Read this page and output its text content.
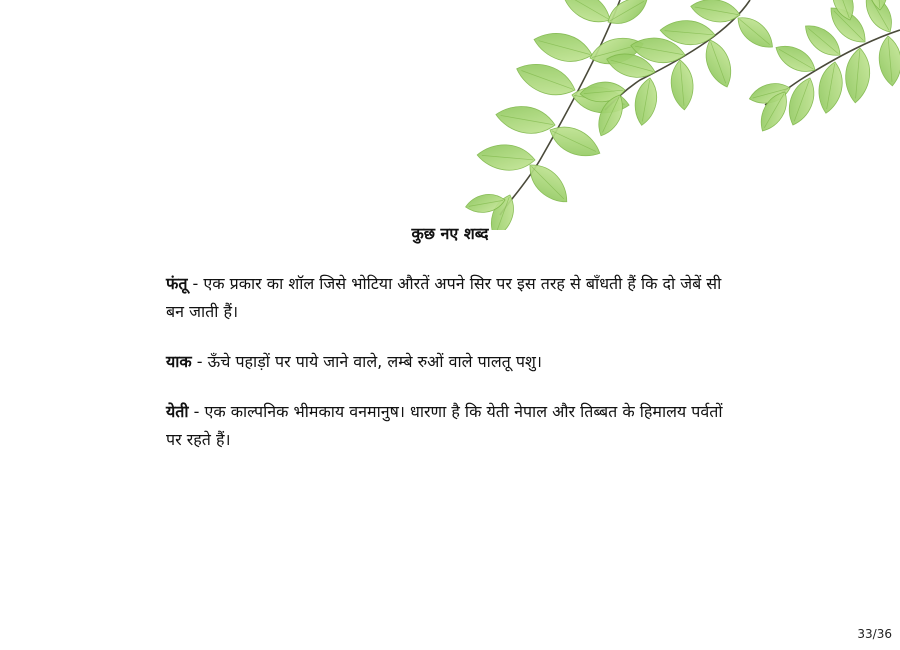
कुछ नए शब्द

फंतू - एक प्रकार का शॉल जिसे भोटिया औरतें अपने सिर पर इस तरह से बाँधती हैं कि दो जेबें सी बन जाती हैं।

याक - ऊँचे पहाड़ों पर पाये जाने वाले, लम्बे रुओं वाले पालतू पशु।

येती - एक काल्पनिक भीमकाय वनमानुष। धारणा है कि येती नेपाल और तिब्बत के हिमालय पर्वतों पर रहते हैं।

33/36
